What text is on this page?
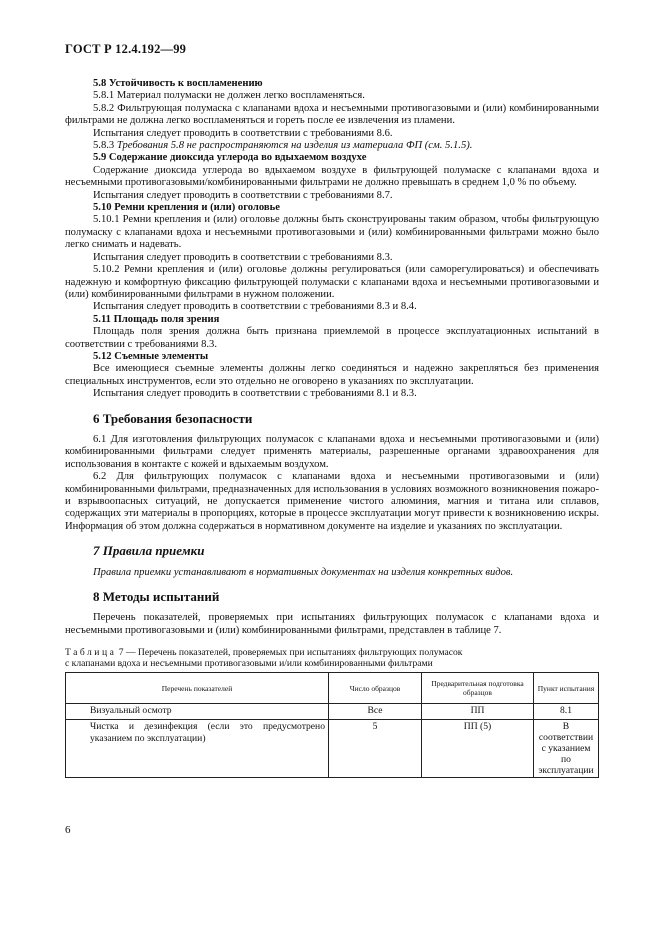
ГОСТ Р 12.4.192—99

5.8 Устойчивость к воспламенению

5.8.1 Материал полумаски не должен легко воспламеняться.

5.8.2 Фильтрующая полумаска с клапанами вдоха и несъемными противогазовыми и (или) комбинированными фильтрами не должна легко воспламеняться и гореть после ее извлечения из пламени.

Испытания следует проводить в соответствии с требованиями 8.6.

5.8.3 Требования 5.8 не распространяются на изделия из материала ФП (см. 5.1.5).

5.9 Содержание диоксида углерода во вдыхаемом воздухе

Содержание диоксида углерода во вдыхаемом воздухе в фильтрующей полумаске с клапанами вдоха и несъемными противогазовыми/комбинированными фильтрами не должно превышать в среднем 1,0 % по объему.

Испытания следует проводить в соответствии с требованиями 8.7.

5.10 Ремни крепления и (или) оголовье

5.10.1 Ремни крепления и (или) оголовье должны быть сконструированы таким образом, чтобы фильтрующую полумаску с клапанами вдоха и несъемными противогазовыми и (или) комбинированными фильтрами можно было легко снимать и надевать.

Испытания следует проводить в соответствии с требованиями 8.3.

5.10.2 Ремни крепления и (или) оголовье должны регулироваться (или саморегулироваться) и обеспечивать надежную и комфортную фиксацию фильтрующей полумаски с клапанами вдоха и несъемными противогазовыми и (или) комбинированными фильтрами в нужном положении.

Испытания следует проводить в соответствии с требованиями 8.3 и 8.4.

5.11 Площадь поля зрения

Площадь поля зрения должна быть признана приемлемой в процессе эксплуатационных испытаний в соответствии с требованиями 8.3.

5.12 Съемные элементы

Все имеющиеся съемные элементы должны легко соединяться и надежно закрепляться без применения специальных инструментов, если это отдельно не оговорено в указаниях по эксплуатации.

Испытания следует проводить в соответствии с требованиями 8.1 и 8.3.

6 Требования безопасности

6.1 Для изготовления фильтрующих полумасок с клапанами вдоха и несъемными противогазовыми и (или) комбинированными фильтрами следует применять материалы, разрешенные органами здравоохранения для использования в контакте с кожей и вдыхаемым воздухом.

6.2 Для фильтрующих полумасок с клапанами вдоха и несъемными противогазовыми и (или) комбинированными фильтрами, предназначенных для использования в условиях возможного возникновения пожаро- и взрывоопасных ситуаций, не допускается применение чистого алюминия, магния и титана или сплавов, содержащих эти материалы в пропорциях, которые в процессе эксплуатации могут привести к возникновению искры. Информация об этом должна содержаться в нормативном документе на изделие и указаниях по эксплуатации.

7 Правила приемки

Правила приемки устанавливают в нормативных документах на изделия конкретных видов.

8 Методы испытаний

Перечень показателей, проверяемых при испытаниях фильтрующих полумасок с клапанами вдоха и несъемными противогазовыми и (или) комбинированными фильтрами, представлен в таблице 7.

Таблица 7 — Перечень показателей, проверяемых при испытаниях фильтрующих полумасок
с клапанами вдоха и несъемными противогазовыми и/или комбинированными фильтрами
Перечень показателей	Число образцов	Предварительная подготовка образцов	Пункт испытания
Визуальный осмотр	Все	ПП	8.1
Чистка и дезинфекция (если это предусмотрено указанием по эксплуатации)	5	ПП (5)	В соответствии с указанием по эксплуатации
6
